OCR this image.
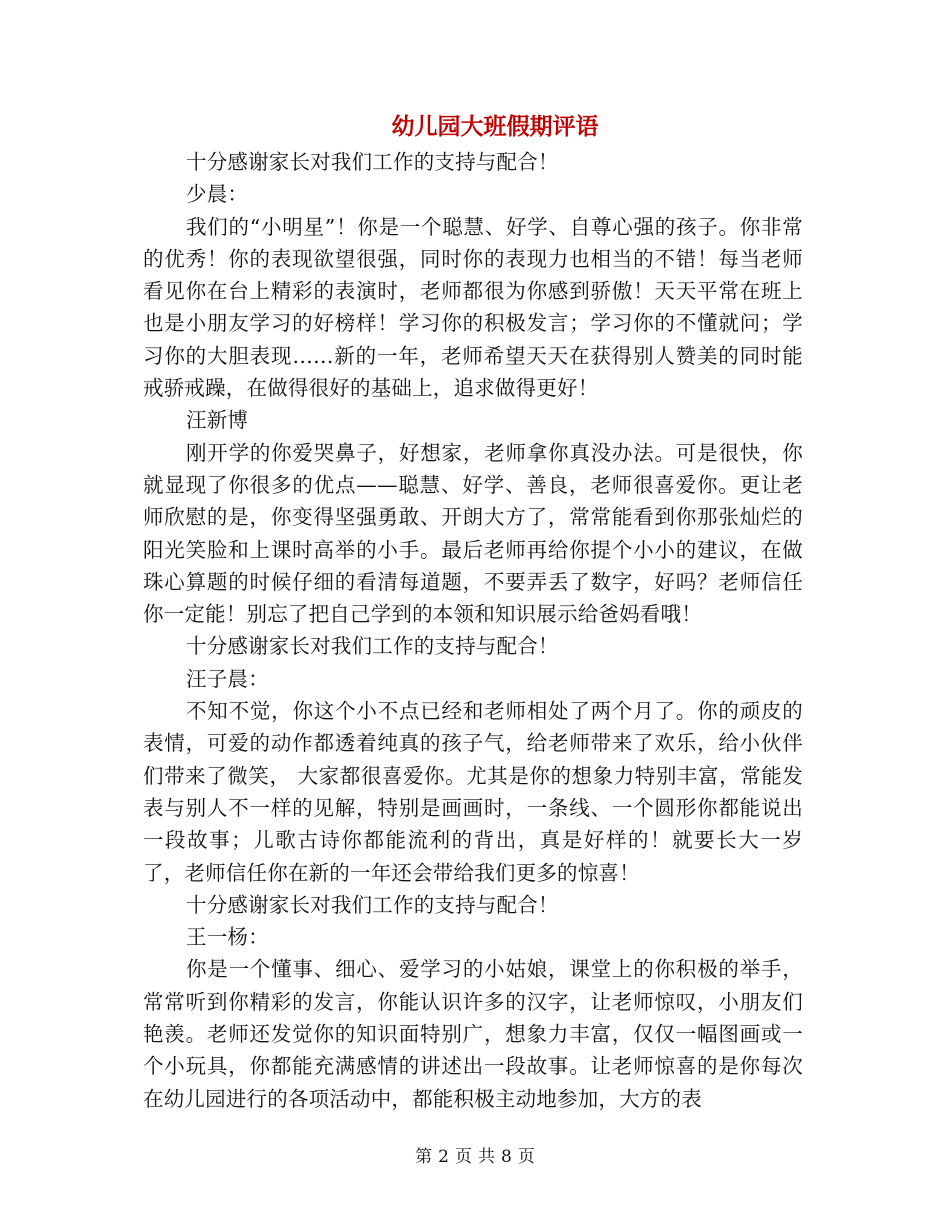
幼儿园大班假期评语

十分感谢家长对我们工作的支持与配合！

少晨：

我们的“小明星”！你是一个聪慧、好学、自尊心强的孩子。你非常的优秀！你的表现欲望很强，同时你的表现力也相当的不错！每当老师看见你在台上精彩的表演时，老师都很为你感到骄傲！天天平常在班上也是小朋友学习的好榜样！学习你的积极发言；学习你的不懂就问；学习你的大胆表现……新的一年，老师希望天天在获得别人赞美的同时能戒骄戒躁，在做得很好的基础上，追求做得更好！

汪新博

刚开学的你爱哭鼻子，好想家，老师拿你真没办法。可是很快，你就显现了你很多的优点——聪慧、好学、善良，老师很喜爱你。更让老师欣慰的是，你变得坚强勇敢、开朗大方了，常常能看到你那张灿烂的阳光笑脸和上课时高举的小手。最后老师再给你提个小小的建议，在做珠心算题的时候仔细的看清每道题，不要弄丢了数字，好吗？老师信任你一定能！别忘了把自己学到的本领和知识展示给爸妈看哦！

十分感谢家长对我们工作的支持与配合！

汪子晨：

不知不觉，你这个小不点已经和老师相处了两个月了。你的顽皮的表情，可爱的动作都透着纯真的孩子气，给老师带来了欢乐，给小伙伴们带来了微笑， 大家都很喜爱你。尤其是你的想象力特别丰富，常能发表与别人不一样的见解，特别是画画时，一条线、一个圆形你都能说出一段故事；儿歌古诗你都能流利的背出，真是好样的！就要长大一岁了，老师信任你在新的一年还会带给我们更多的惊喜！

十分感谢家长对我们工作的支持与配合！

王一杨：

你是一个懂事、细心、爱学习的小姑娘，课堂上的你积极的举手，常常听到你精彩的发言，你能认识许多的汉字，让老师惊叹，小朋友们艳羡。老师还发觉你的知识面特别广，想象力丰富，仅仅一幅图画或一个小玩具，你都能充满感情的讲述出一段故事。让老师惊喜的是你每次在幼儿园进行的各项活动中，都能积极主动地参加，大方的表

第 2 页 共 8 页
